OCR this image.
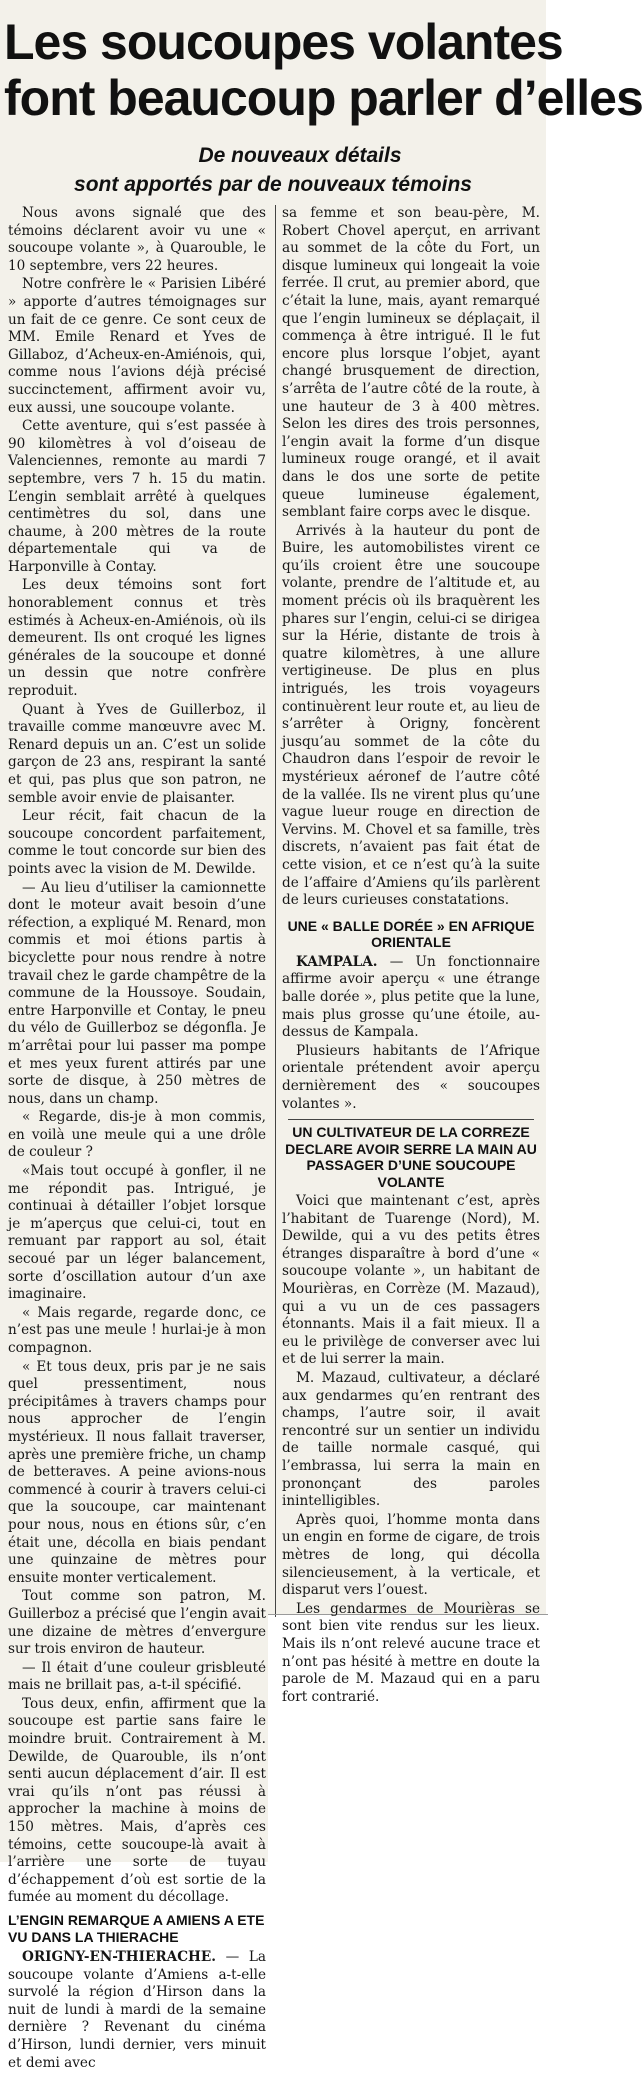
Les soucoupes volantes
font beaucoup parler d’elles
De nouveaux détails
sont apportés par de nouveaux témoins

Nous avons signalé que des témoins déclarent avoir vu une « soucoupe volante », à Quarouble, le 10 septembre, vers 22 heures.

Notre confrère le « Parisien Libéré » apporte d’autres témoignages sur un fait de ce genre. Ce sont ceux de MM. Emile Renard et Yves de Gillaboz, d’Acheux-en-Amiénois, qui, comme nous l’avions déjà précisé succinctement, affirment avoir vu, eux aussi, une soucoupe volante.

Cette aventure, qui s’est passée à 90 kilomètres à vol d’oiseau de Valenciennes, remonte au mardi 7 septembre, vers 7 h. 15 du matin. L’engin semblait arrêté à quelques centimètres du sol, dans une chaume, à 200 mètres de la route départementale qui va de Harponville à Contay.

Les deux témoins sont fort honorablement connus et très estimés à Acheux-en-Amiénois, où ils demeurent. Ils ont croqué les lignes générales de la soucoupe et donné un dessin que notre confrère reproduit.

Quant à Yves de Guillerboz, il travaille comme manœuvre avec M. Renard depuis un an. C’est un solide garçon de 23 ans, respirant la santé et qui, pas plus que son patron, ne semble avoir envie de plaisanter.

Leur récit, fait chacun de la soucoupe concordent parfaitement, comme le tout concorde sur bien des points avec la vision de M. Dewilde.

— Au lieu d’utiliser la camionnette dont le moteur avait besoin d’une réfection, a expliqué M. Renard, mon commis et moi étions partis à bicyclette pour nous rendre à notre travail chez le garde champêtre de la commune de la Houssoye. Soudain, entre Harponville et Contay, le pneu du vélo de Guillerboz se dégonfla. Je m’arrêtai pour lui passer ma pompe et mes yeux furent attirés par une sorte de disque, à 250 mètres de nous, dans un champ.

« Regarde, dis-je à mon commis, en voilà une meule qui a une drôle de couleur ?

«Mais tout occupé à gonfler, il ne me répondit pas. Intrigué, je continuai à détailler l’objet lorsque je m’aperçus que celui-ci, tout en remuant par rapport au sol, était secoué par un léger balancement, sorte d’oscillation autour d’un axe imaginaire.

« Mais regarde, regarde donc, ce n’est pas une meule ! hurlai-je à mon compagnon.

« Et tous deux, pris par je ne sais quel pressentiment, nous précipitâmes à travers champs pour nous approcher de l’engin mystérieux. Il nous fallait traverser, après une première friche, un champ de betteraves. A peine avions-nous commencé à courir à travers celui-ci que la soucoupe, car maintenant pour nous, nous en étions sûr, c’en était une, décolla en biais pendant une quinzaine de mètres pour ensuite monter verticalement.

Tout comme son patron, M. Guillerboz a précisé que l’engin avait une dizaine de mètres d’envergure sur trois environ de hauteur.

— Il était d’une couleur grisbleuté mais ne brillait pas, a-t-il spécifié.

Tous deux, enfin, affirment que la soucoupe est partie sans faire le moindre bruit. Contrairement à M. Dewilde, de Quarouble, ils n’ont senti aucun déplacement d’air. Il est vrai qu’ils n’ont pas réussi à approcher la machine à moins de 150 mètres. Mais, d’après ces témoins, cette soucoupe-là avait à l’arrière une sorte de tuyau d’échappement d’où est sortie de la fumée au moment du décollage.

L’ENGIN REMARQUE A AMIENS A ETE VU DANS LA THIERACHE

ORIGNY-EN-THIERACHE. — La soucoupe volante d’Amiens a-t-elle survolé la région d’Hirson dans la nuit de lundi à mardi de la semaine dernière ? Revenant du cinéma d’Hirson, lundi dernier, vers minuit et demi avec

sa femme et son beau-père, M. Robert Chovel aperçut, en arrivant au sommet de la côte du Fort, un disque lumineux qui longeait la voie ferrée. Il crut, au premier abord, que c’était la lune, mais, ayant remarqué que l’engin lumineux se déplaçait, il commença à être intrigué. Il le fut encore plus lorsque l’objet, ayant changé brusquement de direction, s’arrêta de l’autre côté de la route, à une hauteur de 3 à 400 mètres. Selon les dires des trois personnes, l’engin avait la forme d’un disque lumineux rouge orangé, et il avait dans le dos une sorte de petite queue lumineuse également, semblant faire corps avec le disque.

Arrivés à la hauteur du pont de Buire, les automobilistes virent ce qu’ils croient être une soucoupe volante, prendre de l’altitude et, au moment précis où ils braquèrent les phares sur l’engin, celui-ci se dirigea sur la Hérie, distante de trois à quatre kilomètres, à une allure vertigineuse. De plus en plus intrigués, les trois voyageurs continuèrent leur route et, au lieu de s’arrêter à Origny, foncèrent jusqu’au sommet de la côte du Chaudron dans l’espoir de revoir le mystérieux aéronef de l’autre côté de la vallée. Ils ne virent plus qu’une vague lueur rouge en direction de Vervins. M. Chovel et sa famille, très discrets, n’avaient pas fait état de cette vision, et ce n’est qu’à la suite de l’affaire d’Amiens qu’ils parlèrent de leurs curieuses constatations.

UNE « BALLE DORÉE » EN AFRIQUE ORIENTALE

KAMPALA. — Un fonctionnaire affirme avoir aperçu « une étrange balle dorée », plus petite que la lune, mais plus grosse qu’une étoile, au-dessus de Kampala.

Plusieurs habitants de l’Afrique orientale prétendent avoir aperçu dernièrement des « soucoupes volantes ».

UN CULTIVATEUR DE LA CORREZE DECLARE AVOIR SERRE LA MAIN AU PASSAGER D’UNE SOUCOUPE VOLANTE

Voici que maintenant c’est, après l’habitant de Tuarenge (Nord), M. Dewilde, qui a vu des petits êtres étranges disparaître à bord d’une « soucoupe volante », un habitant de Mourièras, en Corrèze (M. Mazaud), qui a vu un de ces passagers étonnants. Mais il a fait mieux. Il a eu le privilège de converser avec lui et de lui serrer la main.

M. Mazaud, cultivateur, a déclaré aux gendarmes qu’en rentrant des champs, l’autre soir, il avait rencontré sur un sentier un individu de taille normale casqué, qui l’embrassa, lui serra la main en prononçant des paroles inintelligibles.

Après quoi, l’homme monta dans un engin en forme de cigare, de trois mètres de long, qui décolla silencieusement, à la verticale, et disparut vers l’ouest.

Les gendarmes de Mourièras se sont bien vite rendus sur les lieux. Mais ils n’ont relevé aucune trace et n’ont pas hésité à mettre en doute la parole de M. Mazaud qui en a paru fort contrarié.
